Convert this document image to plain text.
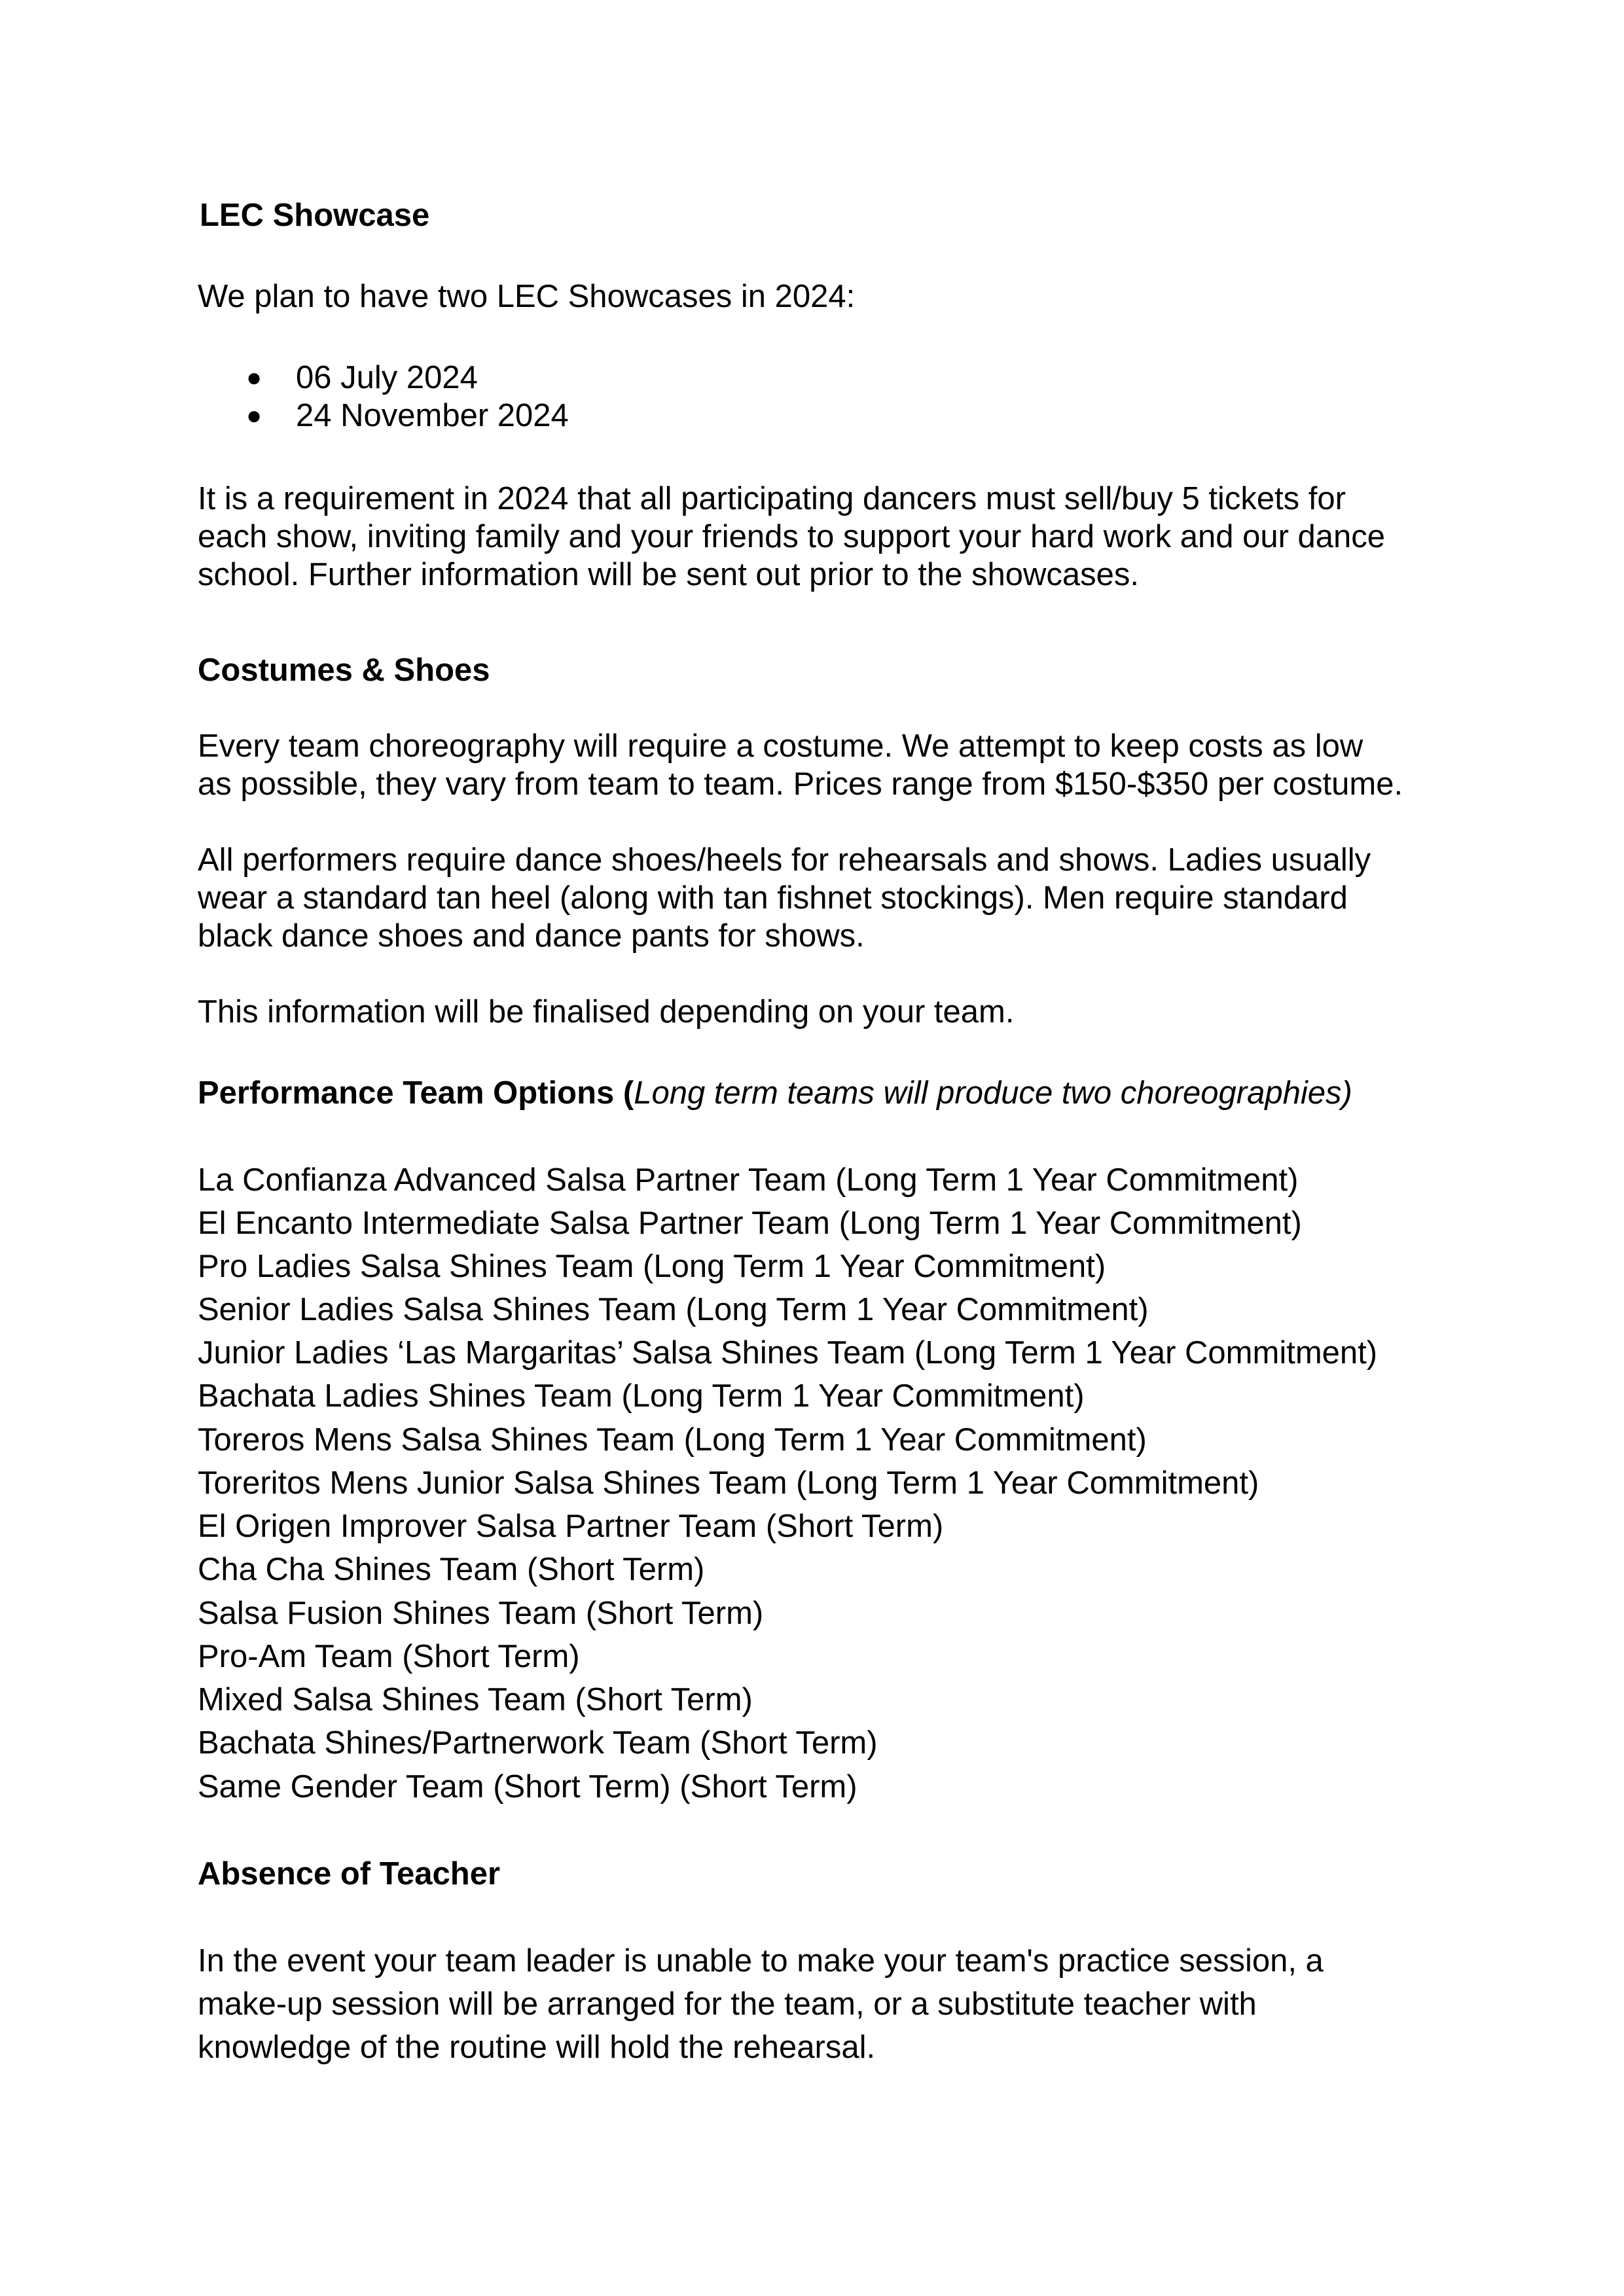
LEC Showcase
We plan to have two LEC Showcases in 2024:
● 06 July 2024
● 24 November 2024
It is a requirement in 2024 that all participating dancers must sell/buy 5 tickets for
each show, inviting family and your friends to support your hard work and our dance
school. Further information will be sent out prior to the showcases.
Costumes & Shoes
Every team choreography will require a costume. We attempt to keep costs as low
as possible, they vary from team to team. Prices range from $150-$350 per costume.
All performers require dance shoes/heels for rehearsals and shows. Ladies usually
wear a standard tan heel (along with tan fishnet stockings). Men require standard
black dance shoes and dance pants for shows.
This information will be finalised depending on your team.
Performance Team Options (Long term teams will produce two choreographies)
La Confianza Advanced Salsa Partner Team (Long Term 1 Year Commitment)
El Encanto Intermediate Salsa Partner Team (Long Term 1 Year Commitment)
Pro Ladies Salsa Shines Team (Long Term 1 Year Commitment)
Senior Ladies Salsa Shines Team (Long Term 1 Year Commitment)
Junior Ladies ‘Las Margaritas’ Salsa Shines Team (Long Term 1 Year Commitment)
Bachata Ladies Shines Team (Long Term 1 Year Commitment)
Toreros Mens Salsa Shines Team (Long Term 1 Year Commitment)
Toreritos Mens Junior Salsa Shines Team (Long Term 1 Year Commitment)
El Origen Improver Salsa Partner Team (Short Term)
Cha Cha Shines Team (Short Term)
Salsa Fusion Shines Team (Short Term)
Pro-Am Team (Short Term)
Mixed Salsa Shines Team (Short Term)
Bachata Shines/Partnerwork Team (Short Term)
Same Gender Team (Short Term) (Short Term)
Absence of Teacher
In the event your team leader is unable to make your team's practice session, a
make-up session will be arranged for the team, or a substitute teacher with
knowledge of the routine will hold the rehearsal.
